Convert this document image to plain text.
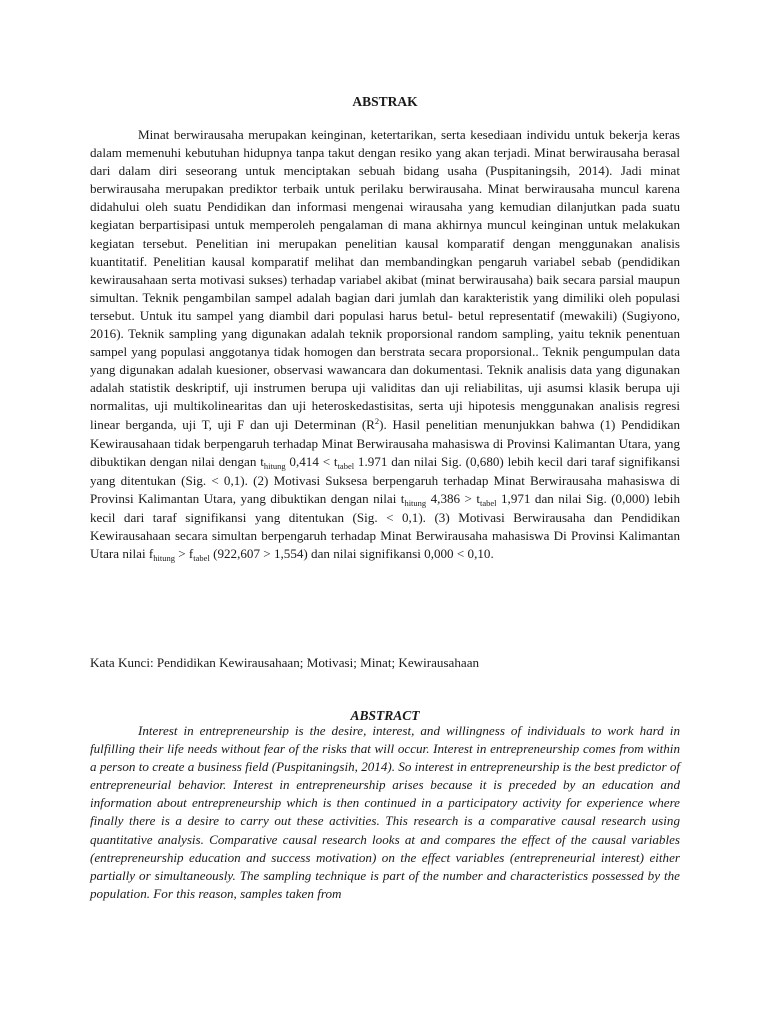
ABSTRAK

Minat berwirausaha merupakan keinginan, ketertarikan, serta kesediaan individu untuk bekerja keras dalam memenuhi kebutuhan hidupnya tanpa takut dengan resiko yang akan terjadi. Minat berwirausaha berasal dari dalam diri seseorang untuk menciptakan sebuah bidang usaha (Puspitaningsih, 2014). Jadi minat berwirausaha merupakan prediktor terbaik untuk perilaku berwirausaha. Minat berwirausaha muncul karena didahului oleh suatu Pendidikan dan informasi mengenai wirausaha yang kemudian dilanjutkan pada suatu kegiatan berpartisipasi untuk memperoleh pengalaman di mana akhirnya muncul keinginan untuk melakukan kegiatan tersebut. Penelitian ini merupakan penelitian kausal komparatif dengan menggunakan analisis kuantitatif. Penelitian kausal komparatif melihat dan membandingkan pengaruh variabel sebab (pendidikan kewirausahaan serta motivasi sukses) terhadap variabel akibat (minat berwirausaha) baik secara parsial maupun simultan. Teknik pengambilan sampel adalah bagian dari jumlah dan karakteristik yang dimiliki oleh populasi tersebut. Untuk itu sampel yang diambil dari populasi harus betul- betul representatif (mewakili) (Sugiyono, 2016). Teknik sampling yang digunakan adalah teknik proporsional random sampling, yaitu teknik penentuan sampel yang populasi anggotanya tidak homogen dan berstrata secara proporsional.. Teknik pengumpulan data yang digunakan adalah kuesioner, observasi wawancara dan dokumentasi. Teknik analisis data yang digunakan adalah statistik deskriptif, uji instrumen berupa uji validitas dan uji reliabilitas, uji asumsi klasik berupa uji normalitas, uji multikolinearitas dan uji heteroskedastisitas, serta uji hipotesis menggunakan analisis regresi linear berganda, uji T, uji F dan uji Determinan $(R^2)$. Hasil penelitian menunjukkan bahwa (1) Pendidikan Kewirausahaan tidak berpengaruh terhadap Minat Berwirausaha mahasiswa di Provinsi Kalimantan Utara, yang dibuktikan dengan nilai dengan $t_{hitung}$ $0,414 < t_{tabel}$ 1.971 dan nilai Sig. (0,680) lebih kecil dari taraf signifikansi yang ditentukan (Sig. < 0,1). (2) Motivasi Suksesa berpengaruh terhadap Minat Berwirausaha mahasiswa di Provinsi Kalimantan Utara, yang dibuktikan dengan nilai $t_{hitung}$ $4,386 > t_{tabel}$ 1,971 dan nilai Sig. (0,000) lebih kecil dari taraf signifikansi yang ditentukan (Sig. < 0,1). (3) Motivasi Berwirausaha dan Pendidikan Kewirausahaan secara simultan berpengaruh terhadap Minat Berwirausaha mahasiswa Di Provinsi Kalimantan Utara nilai $f_{hitung} > f_{tabel}$ (922,607 > 1,554) dan nilai signifikansi 0,000 < 0,10.

Kata Kunci: Pendidikan Kewirausahaan; Motivasi; Minat; Kewirausahaan

ABSTRACT

Interest in entrepreneurship is the desire, interest, and willingness of individuals to work hard in fulfilling their life needs without fear of the risks that will occur. Interest in entrepreneurship comes from within a person to create a business field (Puspitaningsih, 2014). So interest in entrepreneurship is the best predictor of entrepreneurial behavior. Interest in entrepreneurship arises because it is preceded by an education and information about entrepreneurship which is then continued in a participatory activity for experience where finally there is a desire to carry out these activities. This research is a comparative causal research using quantitative analysis. Comparative causal research looks at and compares the effect of the causal variables (entrepreneurship education and success motivation) on the effect variables (entrepreneurial interest) either partially or simultaneously. The sampling technique is part of the number and characteristics possessed by the population. For this reason, samples taken from
